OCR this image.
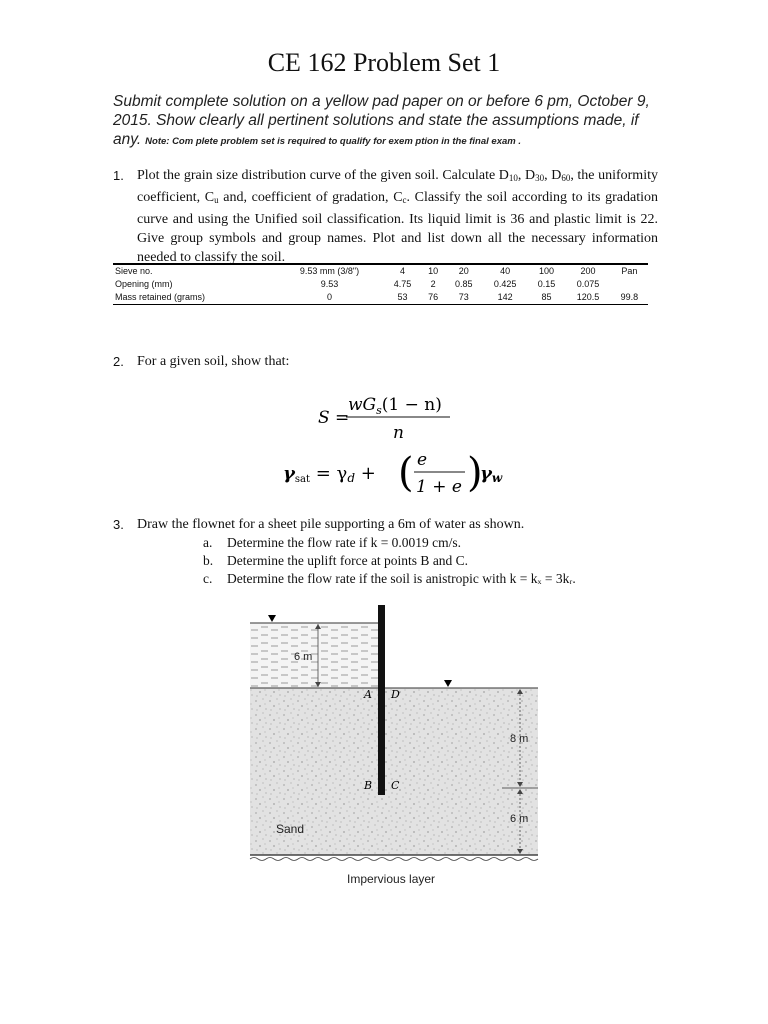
CE 162 Problem Set 1
Submit complete solution on a yellow pad paper on or before 6 pm, October 9, 2015. Show clearly all pertinent solutions and state the assumptions made, if any. Note: Com plete problem set is required to qualify for exem ption in the final exam .
1. Plot the grain size distribution curve of the given soil. Calculate $D_{10}$, $D_{30}$, $D_{60}$, the uniformity coefficient, $C_u$ and, coefficient of gradation, $C_c$. Classify the soil according to its gradation curve and using the Unified soil classification. Its liquid limit is 36 and plastic limit is 22. Give group symbols and group names. Plot and list down all the necessary information needed to classify the soil.
Sieve no.	9.53 mm (3/8")	4	10	20	40	100	200	Pan
Opening (mm)	9.53	4.75	2	0.85	0.425	0.15	0.075	
Mass retained (grams)	0	53	76	73	142	85	120.5	99.8
2. For a given soil, show that:
S =
$wG_s(1 - n)$
n
γsat = γd + ( e
1 + e )
γw
3. Draw the flownet for a sheet pile supporting a 6m of water as shown.
a. Determine the flow rate if k = 0.0019 cm/s.
b. Determine the uplift force at points B and C.
c. Determine the flow rate if the soil is anistropic with k = kₓ = 3kᵣ.
6 m
8 m
6 m
A D
B C
Sand
Impervious layer
